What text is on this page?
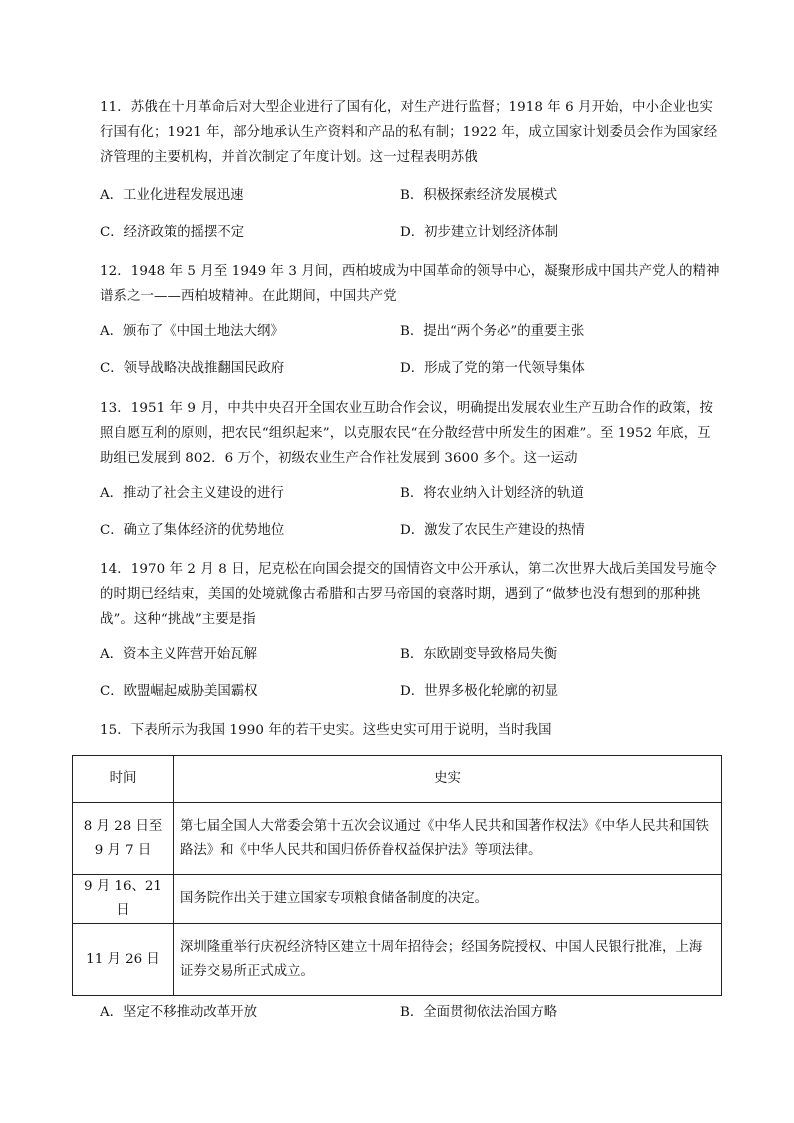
11．苏俄在十月革命后对大型企业进行了国有化，对生产进行监督；1918 年 6 月开始，中小企业也实行国有化；1921 年，部分地承认生产资料和产品的私有制；1922 年，成立国家计划委员会作为国家经济管理的主要机构，并首次制定了年度计划。这一过程表明苏俄
A．工业化进程发展迅速	B．积极探索经济发展模式
C．经济政策的摇摆不定	D．初步建立计划经济体制
12．1948 年 5 月至 1949 年 3 月间，西柏坡成为中国革命的领导中心，凝聚形成中国共产党人的精神谱系之一——西柏坡精神。在此期间，中国共产党
A．颁布了《中国土地法大纲》	B．提出“两个务必”的重要主张
C．领导战略决战推翻国民政府	D．形成了党的第一代领导集体
13．1951 年 9 月，中共中央召开全国农业互助合作会议，明确提出发展农业生产互助合作的政策，按照自愿互利的原则，把农民“组织起来”，以克服农民“在分散经营中所发生的困难”。至 1952 年底，互助组已发展到 802．6 万个，初级农业生产合作社发展到 3600 多个。这一运动
A．推动了社会主义建设的进行	B．将农业纳入计划经济的轨道
C．确立了集体经济的优势地位	D．激发了农民生产建设的热情
14．1970 年 2 月 8 日，尼克松在向国会提交的国情咨文中公开承认，第二次世界大战后美国发号施令的时期已经结束，美国的处境就像古希腊和古罗马帝国的衰落时期，遇到了“做梦也没有想到的那种挑战”。这种“挑战”主要是指
A．资本主义阵营开始瓦解	B．东欧剧变导致格局失衡
C．欧盟崛起威胁美国霸权	D．世界多极化轮廓的初显
15．下表所示为我国 1990 年的若干史实。这些史实可用于说明，当时我国
时间	史实
8 月 28 日至 9 月 7 日	第七届全国人大常委会第十五次会议通过《中华人民共和国著作权法》《中华人民共和国铁路法》和《中华人民共和国归侨侨眷权益保护法》等项法律。
9 月 16、21 日	国务院作出关于建立国家专项粮食储备制度的决定。
11 月 26 日	深圳隆重举行庆祝经济特区建立十周年招待会；经国务院授权、中国人民银行批准，上海证券交易所正式成立。
A．坚定不移推动改革开放	B．全面贯彻依法治国方略
